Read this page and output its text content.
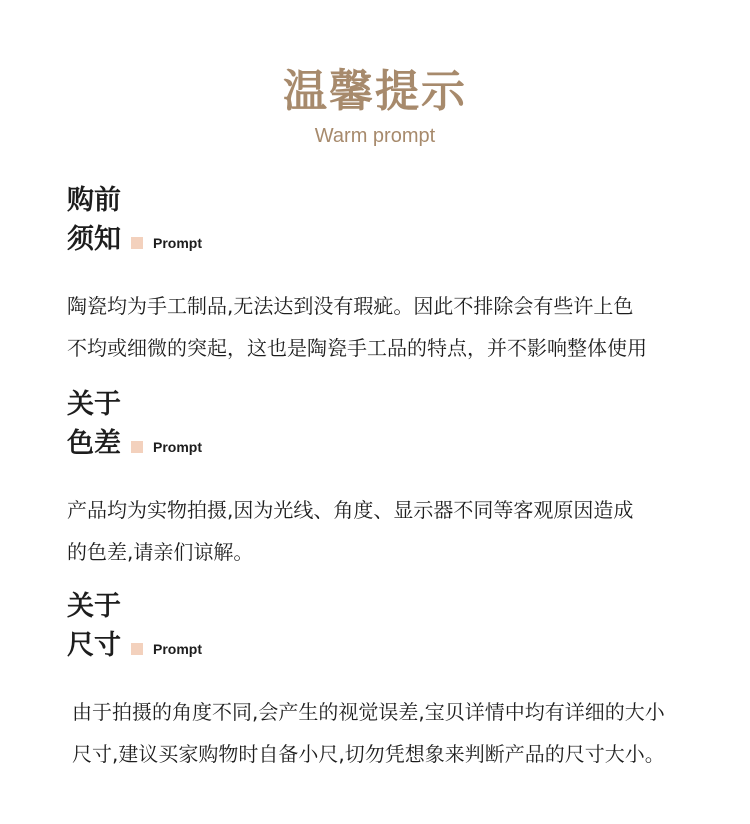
温馨提示
Warm prompt
购前
须知 Prompt
陶瓷均为手工制品,无法达到没有瑕疵。因此不排除会有些许上色
不均或细微的突起，这也是陶瓷手工品的特点，并不影响整体使用
关于
色差 Prompt
产品均为实物拍摄,因为光线、角度、显示器不同等客观原因造成
的色差,请亲们谅解。
关于
尺寸 Prompt
由于拍摄的角度不同,会产生的视觉误差,宝贝详情中均有详细的大小
尺寸,建议买家购物时自备小尺,切勿凭想象来判断产品的尺寸大小。
